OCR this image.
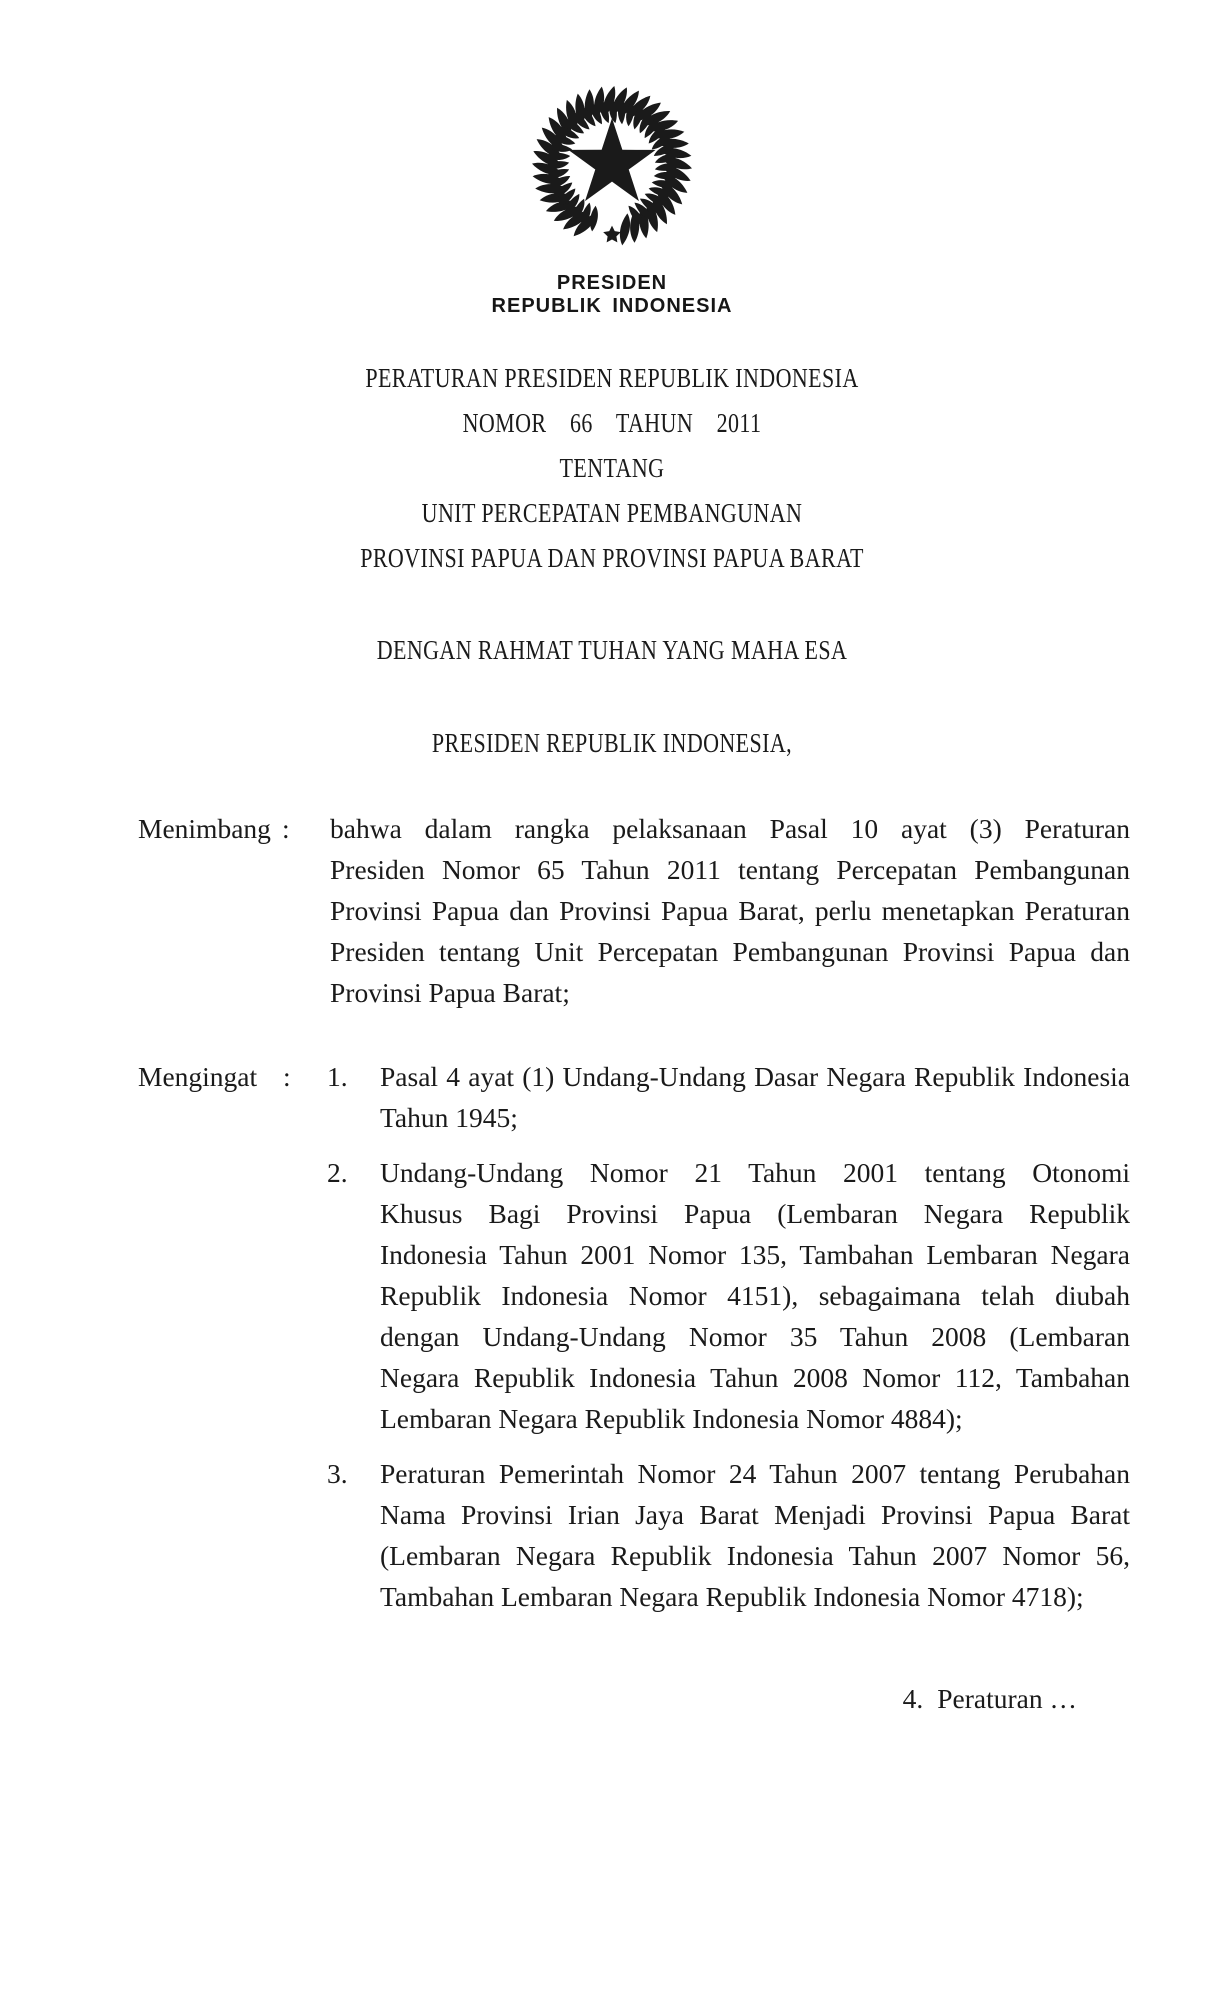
PRESIDEN
REPUBLIK INDONESIA
PERATURAN PRESIDEN REPUBLIK INDONESIA
NOMOR 66 TAHUN 2011
TENTANG
UNIT PERCEPATAN PEMBANGUNAN
PROVINSI PAPUA DAN PROVINSI PAPUA BARAT
DENGAN RAHMAT TUHAN YANG MAHA ESA
PRESIDEN REPUBLIK INDONESIA,
Menimbang :	bahwa dalam rangka pelaksanaan Pasal 10 ayat (3) Peraturan
Presiden Nomor 65 Tahun 2011 tentang Percepatan Pembangunan
Provinsi Papua dan Provinsi Papua Barat, perlu menetapkan Peraturan
Presiden tentang Unit Percepatan Pembangunan Provinsi Papua dan
Provinsi Papua Barat;
Mengingat :	1.	Pasal 4 ayat (1) Undang-Undang Dasar Negara Republik Indonesia
Tahun 1945;
2.	Undang-Undang Nomor 21 Tahun 2001 tentang Otonomi
Khusus Bagi Provinsi Papua (Lembaran Negara Republik
Indonesia Tahun 2001 Nomor 135, Tambahan Lembaran Negara
Republik Indonesia Nomor 4151), sebagaimana telah diubah
dengan Undang-Undang Nomor 35 Tahun 2008 (Lembaran
Negara Republik Indonesia Tahun 2008 Nomor 112, Tambahan
Lembaran Negara Republik Indonesia Nomor 4884);
3.	Peraturan Pemerintah Nomor 24 Tahun 2007 tentang Perubahan
Nama Provinsi Irian Jaya Barat Menjadi Provinsi Papua Barat
(Lembaran Negara Republik Indonesia Tahun 2007 Nomor 56,
Tambahan Lembaran Negara Republik Indonesia Nomor 4718);
4. Peraturan …
